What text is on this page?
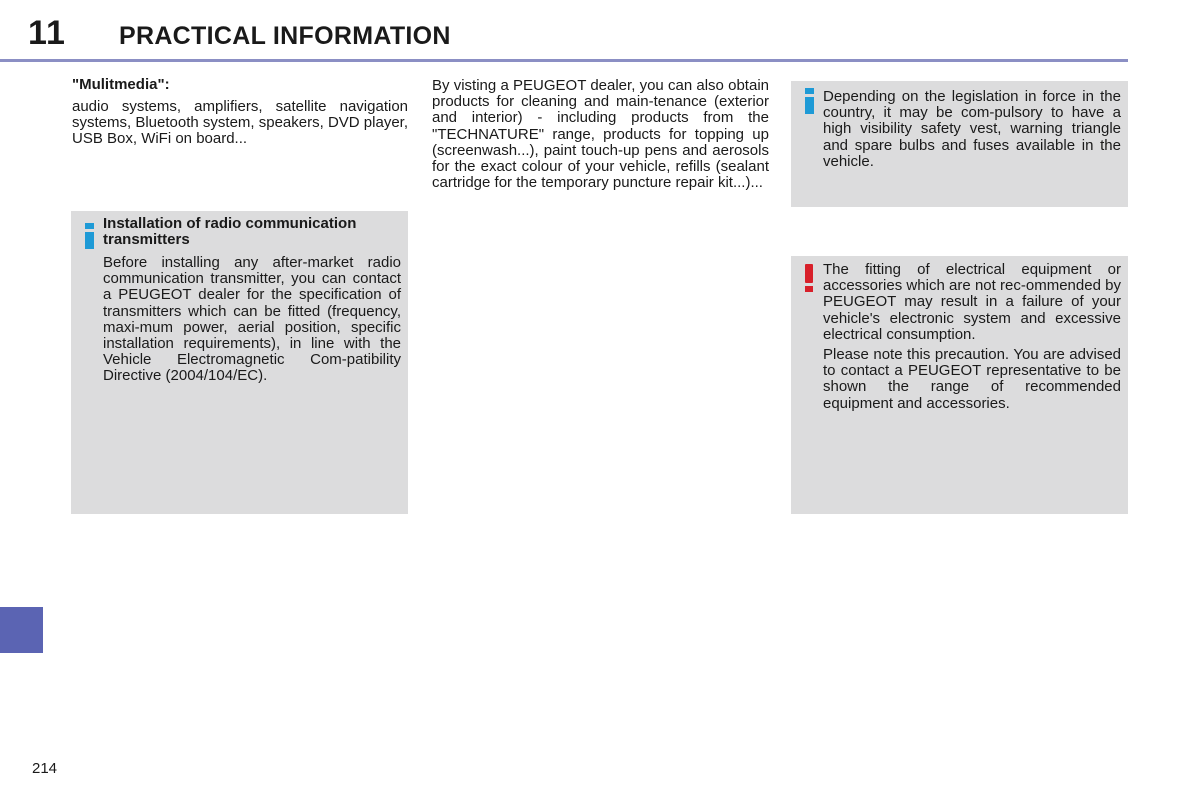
11 PRACTICAL INFORMATION
"Mulitmedia":

audio systems, amplifiers, satellite navigation systems, Bluetooth system, speakers, DVD player, USB Box, WiFi on board...

By visting a PEUGEOT dealer, you can also obtain products for cleaning and main-tenance (exterior and interior) - including products from the "TECHNATURE" range, products for topping up (screenwash...), paint touch-up pens and aerosols for the exact colour of your vehicle, refills (sealant cartridge for the temporary puncture repair kit...)...

Installation of radio communication transmitters

Before installing any after-market radio communication transmitter, you can contact a PEUGEOT dealer for the specification of transmitters which can be fitted (frequency, maxi-mum power, aerial position, specific installation requirements), in line with the Vehicle Electromagnetic Com-patibility Directive (2004/104/EC).

Depending on the legislation in force in the country, it may be com-pulsory to have a high visibility safety vest, warning triangle and spare bulbs and fuses available in the vehicle.

The fitting of electrical equipment or accessories which are not rec-ommended by PEUGEOT may result in a failure of your vehicle's electronic system and excessive electrical consumption.

Please note this precaution. You are advised to contact a PEUGEOT representative to be shown the range of recommended equipment and accessories.

214
